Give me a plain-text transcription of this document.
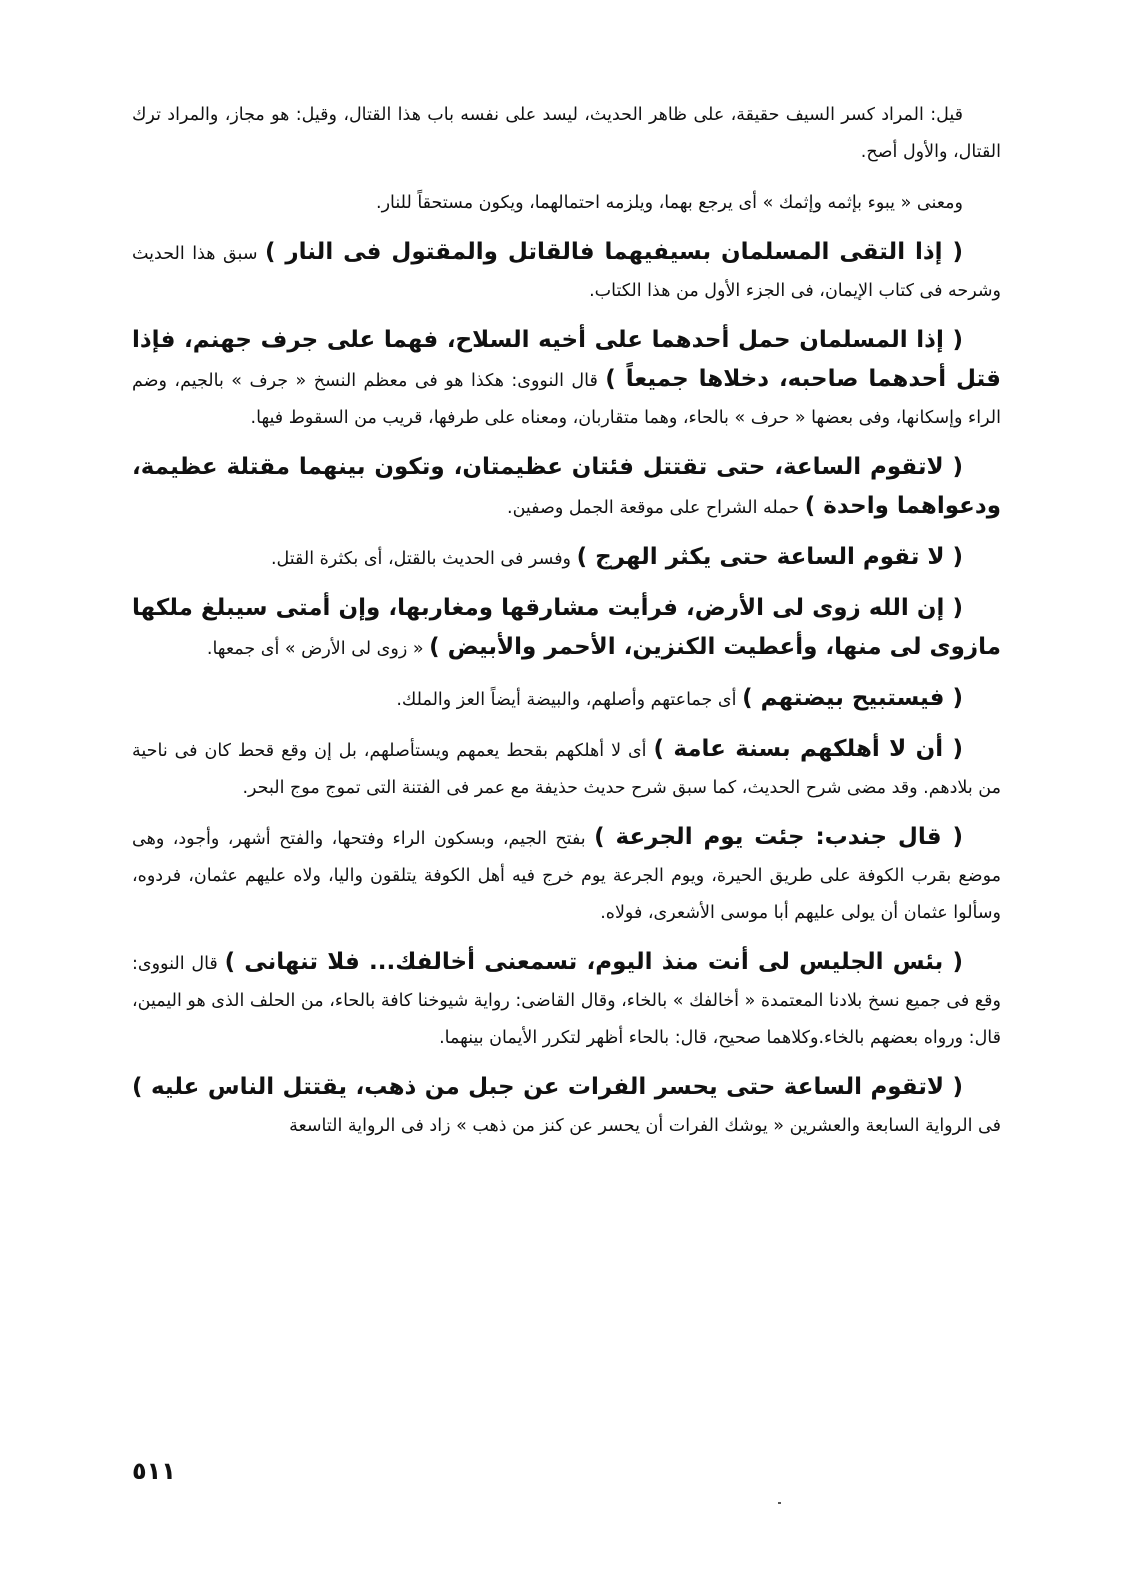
قيل: المراد كسر السيف حقيقة، على ظاهر الحديث، ليسد على نفسه باب هذا القتال، وقيل: هو مجاز، والمراد ترك القتال، والأول أصح.

ومعنى « يبوء بإثمه وإثمك » أى يرجع بهما، ويلزمه احتمالهما، ويكون مستحقاً للنار.

( إذا التقى المسلمان بسيفيهما فالقاتل والمقتول فى النار ) سبق هذا الحديث وشرحه فى كتاب الإيمان، فى الجزء الأول من هذا الكتاب.

( إذا المسلمان حمل أحدهما على أخيه السلاح، فهما على جرف جهنم، فإذا قتل أحدهما صاحبه، دخلاها جميعاً ) قال النووى: هكذا هو فى معظم النسخ « جرف » بالجيم، وضم الراء وإسكانها، وفى بعضها « حرف » بالحاء، وهما متقاربان، ومعناه على طرفها، قريب من السقوط فيها.

( لاتقوم الساعة، حتى تقتتل فئتان عظيمتان، وتكون بينهما مقتلة عظيمة، ودعواهما واحدة ) حمله الشراح على موقعة الجمل وصفين.

( لا تقوم الساعة حتى يكثر الهرج ) وفسر فى الحديث بالقتل، أى بكثرة القتل.

( إن الله زوى لى الأرض، فرأيت مشارقها ومغاربها، وإن أمتى سيبلغ ملكها مازوى لى منها، وأعطيت الكنزين، الأحمر والأبيض ) « زوى لى الأرض » أى جمعها.

( فيستبيح بيضتهم ) أى جماعتهم وأصلهم، والبيضة أيضاً العز والملك.

( أن لا أهلكهم بسنة عامة ) أى لا أهلكهم بقحط يعمهم ويستأصلهم، بل إن وقع قحط كان فى ناحية من بلادهم. وقد مضى شرح الحديث، كما سبق شرح حديث حذيفة مع عمر فى الفتنة التى تموج موج البحر.

( قال جندب: جئت يوم الجرعة ) بفتح الجيم، وبسكون الراء وفتحها، والفتح أشهر، وأجود، وهى موضع بقرب الكوفة على طريق الحيرة، ويوم الجرعة يوم خرج فيه أهل الكوفة يتلقون واليا، ولاه عليهم عثمان، فردوه، وسألوا عثمان أن يولى عليهم أبا موسى الأشعرى، فولاه.

( بئس الجليس لى أنت منذ اليوم، تسمعنى أخالفك... فلا تنهانى ) قال النووى: وقع فى جميع نسخ بلادنا المعتمدة « أخالفك » بالخاء، وقال القاضى: رواية شيوخنا كافة بالحاء، من الحلف الذى هو اليمين، قال: ورواه بعضهم بالخاء.وكلاهما صحيح، قال: بالحاء أظهر لتكرر الأيمان بينهما.

( لاتقوم الساعة حتى يحسر الفرات عن جبل من ذهب، يقتتل الناس عليه ) فى الرواية السابعة والعشرين « يوشك الفرات أن يحسر عن كنز من ذهب » زاد فى الرواية التاسعة

٥١١
